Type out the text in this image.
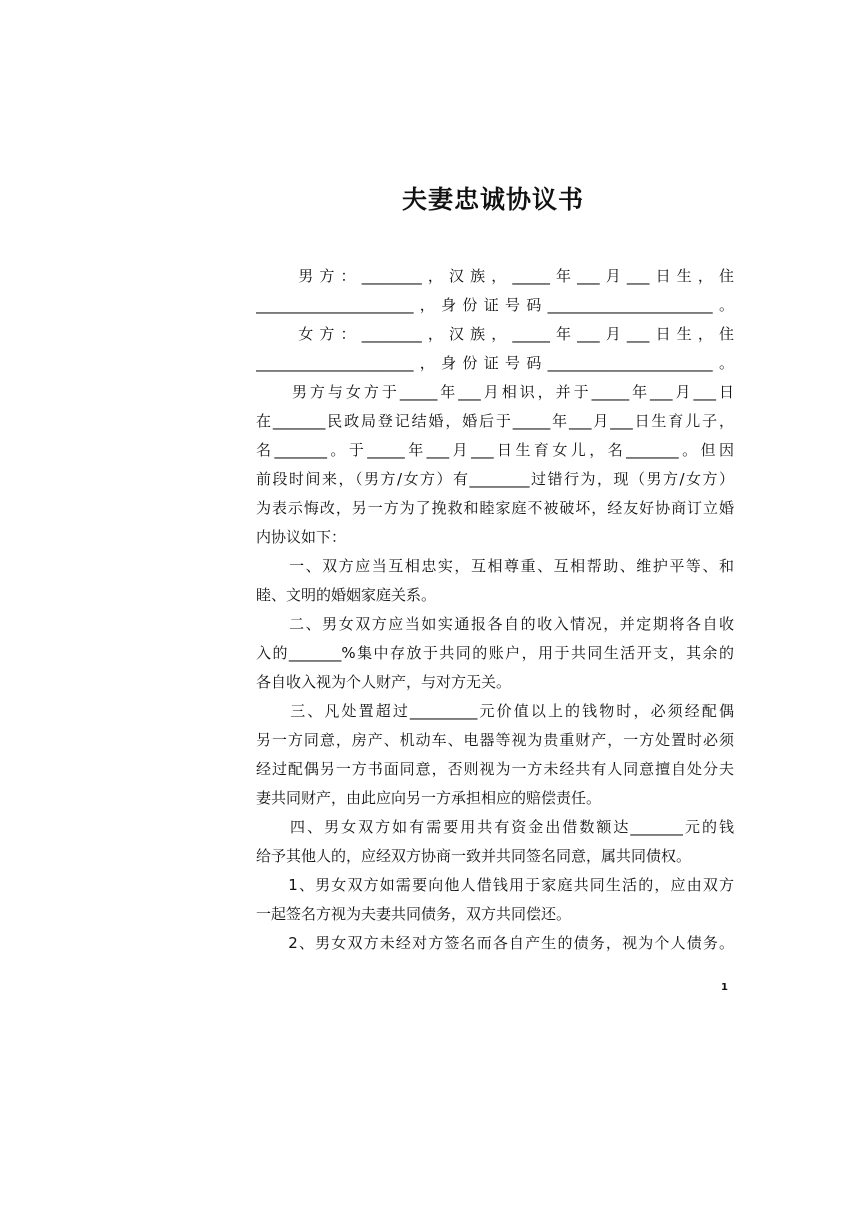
夫妻忠诚协议书
　　男方：________，汉族，_____年___月___日生，住
_____________________，身份证号码______________________。
　　女方：________，汉族，_____年___月___日生，住
_____________________，身份证号码______________________。
　　男方与女方于_____年___月相识，并于_____年___月___日
在_______民政局登记结婚，婚后于_____年___月___日生育儿子，
名_______。于_____年___月___日生育女儿，名_______。但因
前段时间来，（男方/女方）有________过错行为，现（男方/女方）
为表示悔改，另一方为了挽救和睦家庭不被破坏，经友好协商订立婚
内协议如下：
　　一、双方应当互相忠实，互相尊重、互相帮助、维护平等、和
睦、文明的婚姻家庭关系。
　　二、男女双方应当如实通报各自的收入情况，并定期将各自收
入的_______%集中存放于共同的账户，用于共同生活开支，其余的
各自收入视为个人财产，与对方无关。
　　三、凡处置超过_________元价值以上的钱物时，必须经配偶
另一方同意，房产、机动车、电器等视为贵重财产，一方处置时必须
经过配偶另一方书面同意，否则视为一方未经共有人同意擅自处分夫
妻共同财产，由此应向另一方承担相应的赔偿责任。
　　四、男女双方如有需要用共有资金出借数额达_______元的钱
给予其他人的，应经双方协商一致并共同签名同意，属共同债权。
　　1、男女双方如需要向他人借钱用于家庭共同生活的，应由双方
一起签名方视为夫妻共同债务，双方共同偿还。
　　2、男女双方未经对方签名而各自产生的债务，视为个人债务。
1
